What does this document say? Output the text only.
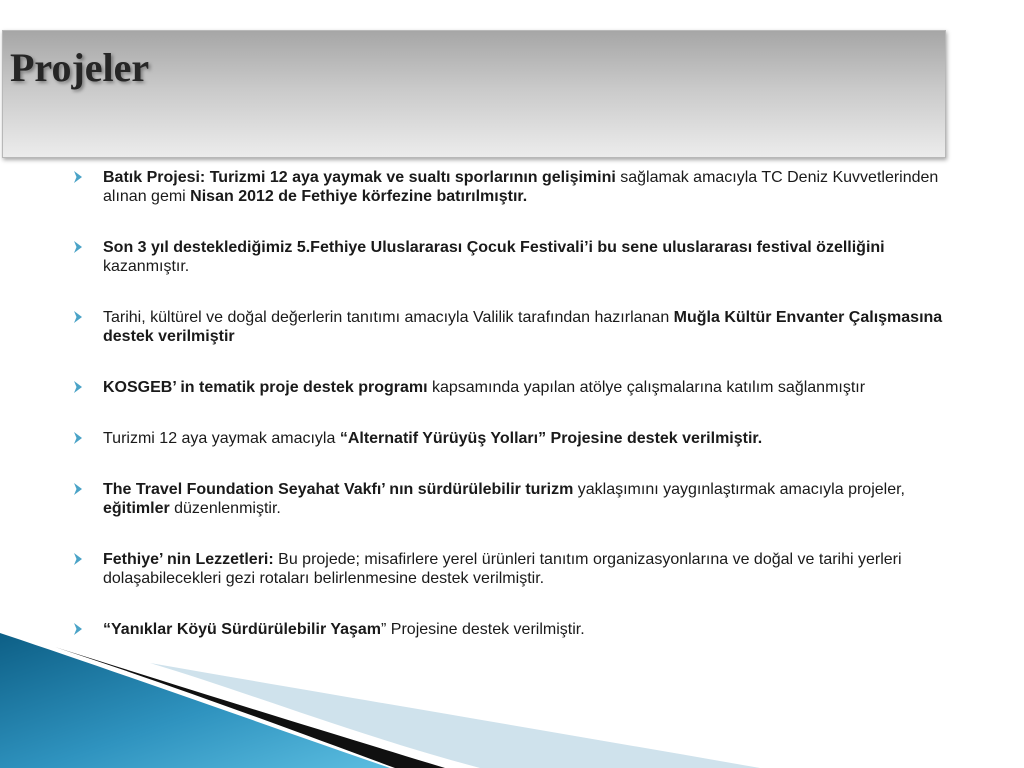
Projeler
Batık Projesi: Turizmi 12 aya yaymak ve sualtı sporlarının gelişimini sağlamak amacıyla TC Deniz Kuvvetlerinden alınan gemi Nisan 2012 de Fethiye körfezine batırılmıştır.
Son 3 yıl desteklediğimiz 5.Fethiye Uluslararası Çocuk Festivali’i bu sene uluslararası festival özelliğini kazanmıştır.
Tarihi, kültürel ve doğal değerlerin tanıtımı amacıyla Valilik tarafından hazırlanan Muğla Kültür Envanter Çalışmasına destek verilmiştir
KOSGEB’ in tematik proje destek programı kapsamında yapılan atölye çalışmalarına katılım sağlanmıştır
Turizmi 12 aya yaymak amacıyla “Alternatif Yürüyüş Yolları” Projesine destek verilmiştir.
The Travel Foundation Seyahat Vakfı’ nın sürdürülebilir turizm yaklaşımını yaygınlaştırmak amacıyla projeler, eğitimler düzenlenmiştir.
Fethiye’ nin Lezzetleri: Bu projede; misafirlere yerel ürünleri tanıtım organizasyonlarına ve doğal ve tarihi yerleri dolaşabilecekleri gezi rotaları belirlenmesine destek verilmiştir.
“Yanıklar Köyü Sürdürülebilir Yaşam” Projesine destek verilmiştir.
